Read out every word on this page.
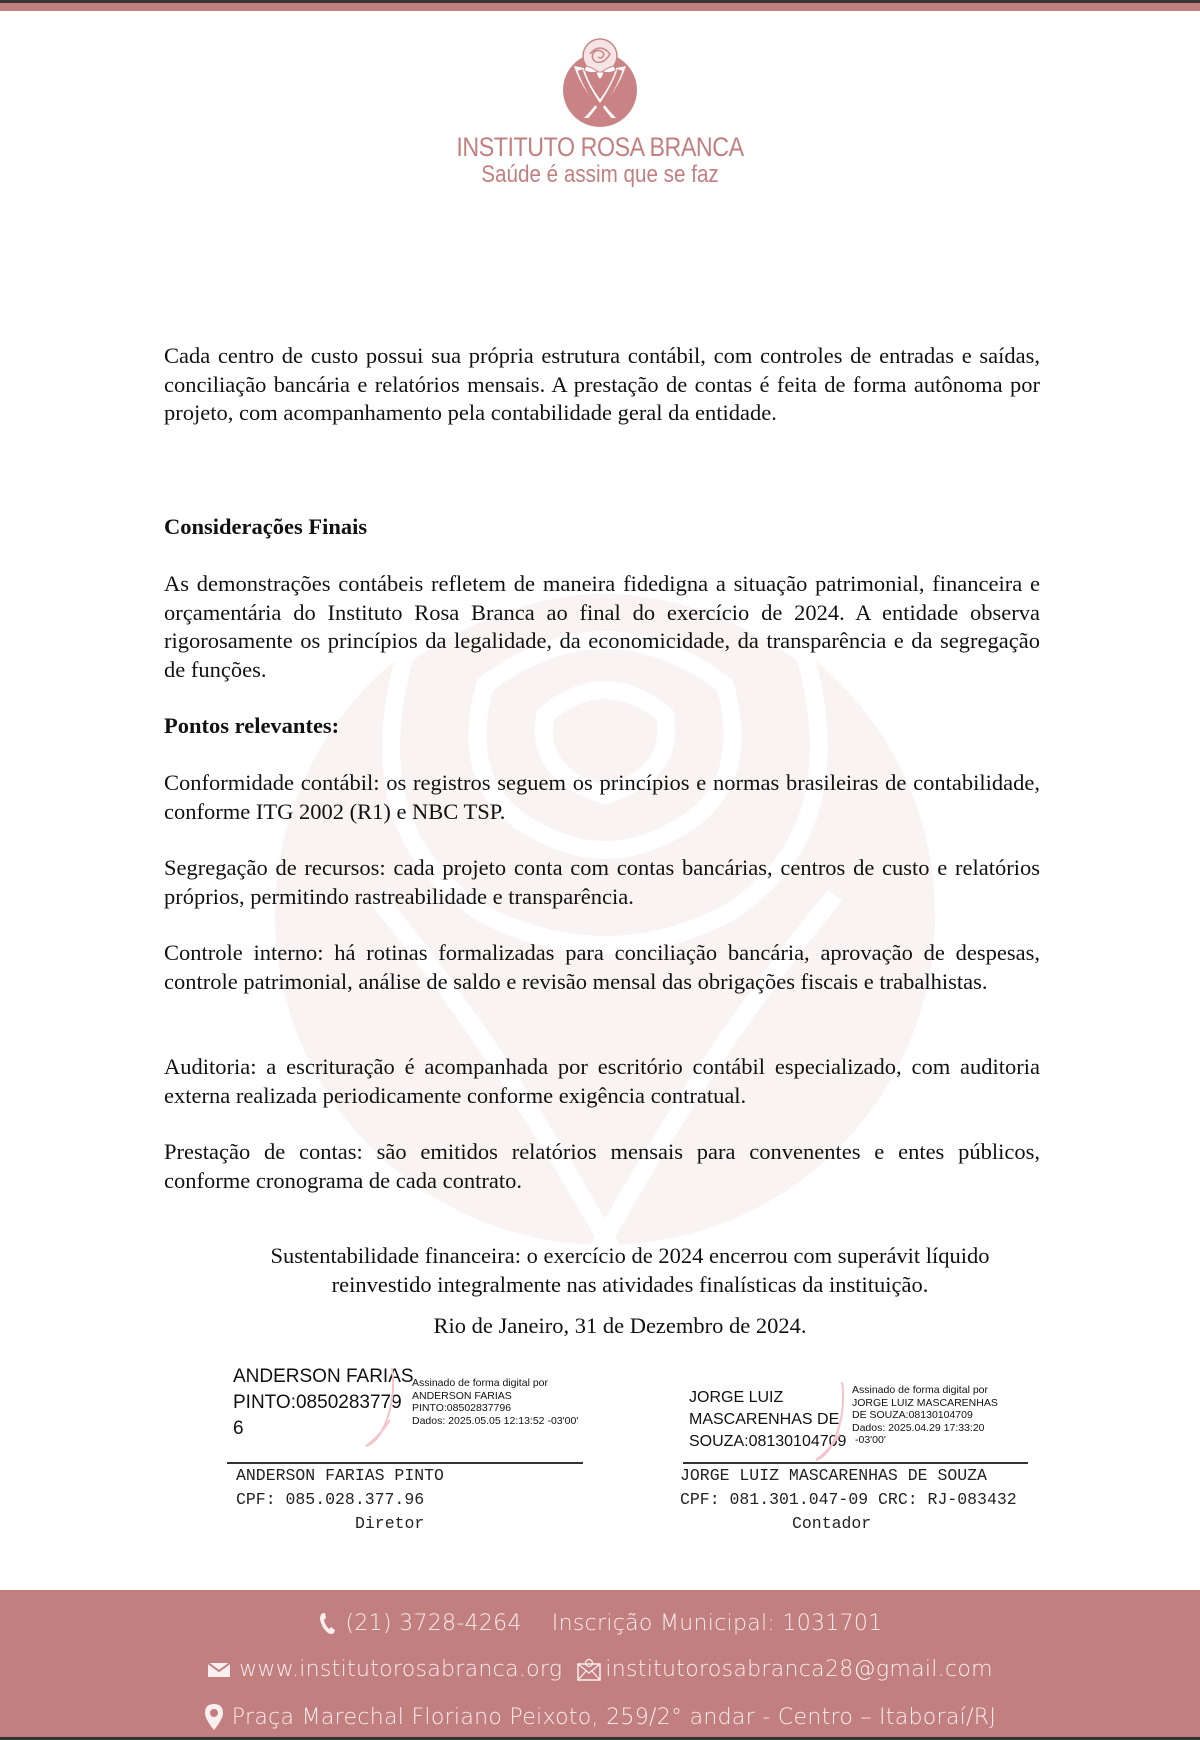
INSTITUTO ROSA BRANCA
Saúde é assim que se faz

Cada centro de custo possui sua própria estrutura contábil, com controles de entradas e saídas, conciliação bancária e relatórios mensais. A prestação de contas é feita de forma autônoma por projeto, com acompanhamento pela contabilidade geral da entidade.

Considerações Finais

As demonstrações contábeis refletem de maneira fidedigna a situação patrimonial, financeira e orçamentária do Instituto Rosa Branca ao final do exercício de 2024. A entidade observa rigorosamente os princípios da legalidade, da economicidade, da transparência e da segregação de funções.

Pontos relevantes:

Conformidade contábil: os registros seguem os princípios e normas brasileiras de contabilidade, conforme ITG 2002 (R1) e NBC TSP.

Segregação de recursos: cada projeto conta com contas bancárias, centros de custo e relatórios próprios, permitindo rastreabilidade e transparência.

Controle interno: há rotinas formalizadas para conciliação bancária, aprovação de despesas, controle patrimonial, análise de saldo e revisão mensal das obrigações fiscais e trabalhistas.

Auditoria: a escrituração é acompanhada por escritório contábil especializado, com auditoria externa realizada periodicamente conforme exigência contratual.

Prestação de contas: são emitidos relatórios mensais para convenentes e entes públicos, conforme cronograma de cada contrato.

Sustentabilidade financeira: o exercício de 2024 encerrou com superávit líquido
reinvestido integralmente nas atividades finalísticas da instituição.
Rio de Janeiro, 31 de Dezembro de 2024.
ANDERSON FARIAS
PINTO:0850283779
6
Assinado de forma digital por
ANDERSON FARIAS
PINTO:08502837796
Dados: 2025.05.05 12:13:52 -03'00'
ANDERSON FARIAS PINTO
CPF: 085.028.377.96
Diretor
JORGE LUIZ
MASCARENHAS DE
SOUZA:08130104709
Assinado de forma digital por
JORGE LUIZ MASCARENHAS
DE SOUZA:08130104709
Dados: 2025.04.29 17:33:20
-03'00'
JORGE LUIZ MASCARENHAS DE SOUZA
CPF: 081.301.047-09 CRC: RJ-083432
Contador
(21) 3728-4264 Inscrição Municipal: 1031701
www.institutorosabranca.org institutorosabranca28@gmail.com
Praça Marechal Floriano Peixoto, 259/2° andar - Centro – Itaboraí/RJ
